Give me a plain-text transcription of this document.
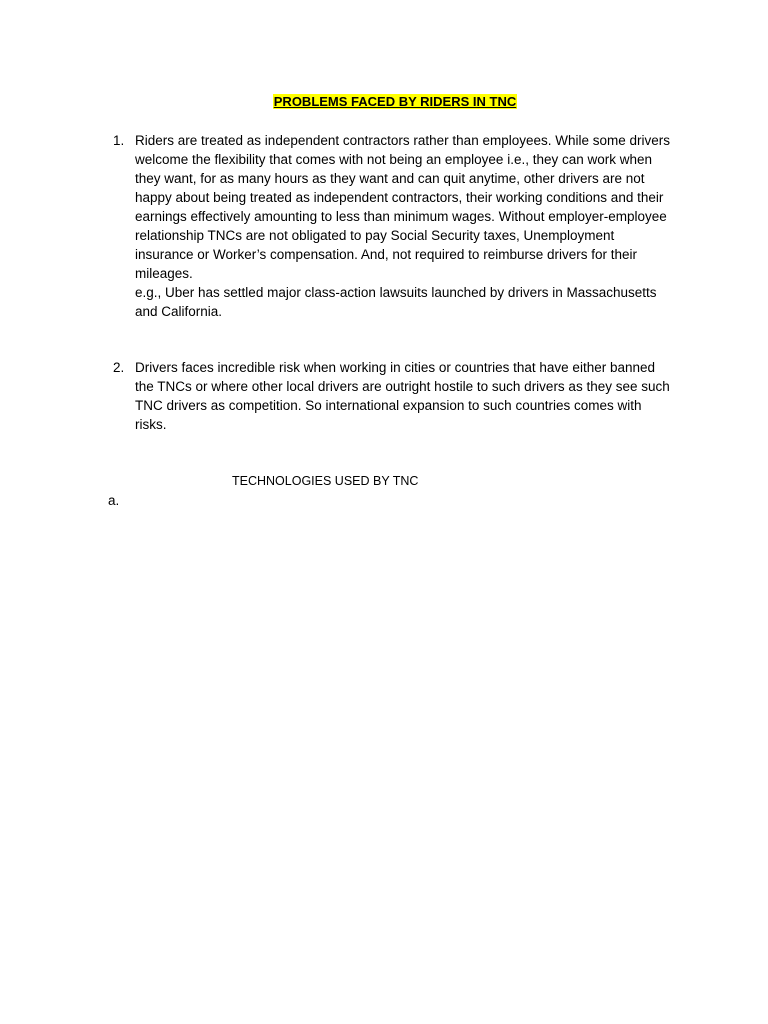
PROBLEMS FACED BY RIDERS IN TNC
1. Riders are treated as independent contractors rather than employees. While some drivers welcome the flexibility that comes with not being an employee i.e., they can work when they want, for as many hours as they want and can quit anytime, other drivers are not happy about being treated as independent contractors, their working conditions and their earnings effectively amounting to less than minimum wages. Without employer-employee relationship TNCs are not obligated to pay Social Security taxes, Unemployment insurance or Worker’s compensation. And, not required to reimburse drivers for their mileages.
e.g., Uber has settled major class-action lawsuits launched by drivers in Massachusetts and California.
2. Drivers faces incredible risk when working in cities or countries that have either banned the TNCs or where other local drivers are outright hostile to such drivers as they see such TNC drivers as competition. So international expansion to such countries comes with risks.
TECHNOLOGIES USED BY TNC
a.
